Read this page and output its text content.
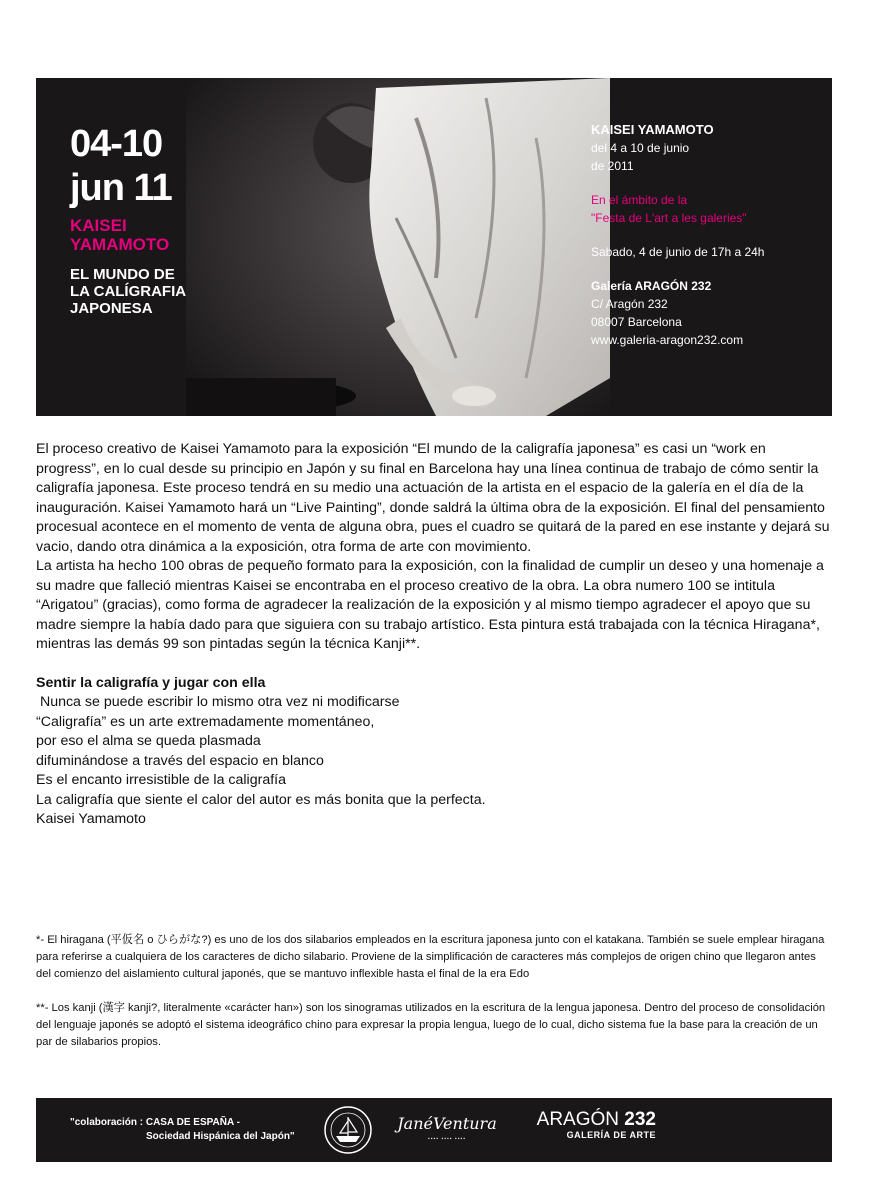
04-10
jun 11
KAISEI
YAMAMOTO
EL MUNDO DE
LA CALÍGRAFIA
JAPONESA
KAISEI YAMAMOTO
del 4 a 10 de junio
de 2011
En el ámbito de la
"Festa de L'art a les galeries"
Sabado, 4 de junio de 17h a 24h
Galería ARAGÓN 232
C/ Aragón 232
08007 Barcelona
www.galeria-aragon232.com

El proceso creativo de Kaisei Yamamoto para la exposición “El mundo de la caligrafía japonesa” es casi un “work en progress”, en lo cual desde su principio en Japón y su final en Barcelona hay una línea continua de trabajo de cómo sentir la caligrafía japonesa. Este proceso tendrá en su medio una actuación de la artista en el espacio de la galería en el día de la inauguración. Kaisei Yamamoto hará un “Live Painting”, donde saldrá la última obra de la exposición. El final del pensamiento procesual acontece en el momento de venta de alguna obra, pues el cuadro se quitará de la pared en ese instante y dejará su vacio, dando otra dinámica a la exposición, otra forma de arte con movimiento.

La artista ha hecho 100 obras de pequeño formato para la exposición, con la finalidad de cumplir un deseo y una homenaje a su madre que falleció mientras Kaisei se encontraba en el proceso creativo de la obra. La obra numero 100 se intitula “Arigatou” (gracias), como forma de agradecer la realización de la exposición y al mismo tiempo agradecer el apoyo que su madre siempre la había dado para que siguiera con su trabajo artístico. Esta pintura está trabajada con la técnica Hiragana*, mientras las demás 99 son pintadas según la técnica Kanji**.

Sentir la caligrafía y jugar con ella
Nunca se puede escribir lo mismo otra vez ni modificarse
“Caligrafía” es un arte extremadamente momentáneo,
por eso el alma se queda plasmada
difuminándose a través del espacio en blanco
Es el encanto irresistible de la caligrafía
La caligrafía que siente el calor del autor es más bonita que la perfecta.
Kaisei Yamamoto

*- El hiragana (平仮名 o ひらがな?) es uno de los dos silabarios empleados en la escritura japonesa junto con el katakana. También se suele emplear hiragana para referirse a cualquiera de los caracteres de dicho silabario. Proviene de la simplificación de caracteres más complejos de origen chino que llegaron antes del comienzo del aislamiento cultural japonés, que se mantuvo inflexible hasta el final de la era Edo

**- Los kanji (漢字 kanji?, literalmente «carácter han») son los sinogramas utilizados en la escritura de la lengua japonesa. Dentro del proceso de consolidación del lenguaje japonés se adoptó el sistema ideográfico chino para expresar la propia lengua, luego de lo cual, dicho sistema fue la base para la creación de un par de silabarios propios.

"colaboración : CASA DE ESPAÑA -
Sociedad Hispánica del Japón"
JanéVentura
▪▪▪▪ ▪▪▪▪ ▪▪▪▪
ARAGÓN 232
GALERÍA DE ARTE
